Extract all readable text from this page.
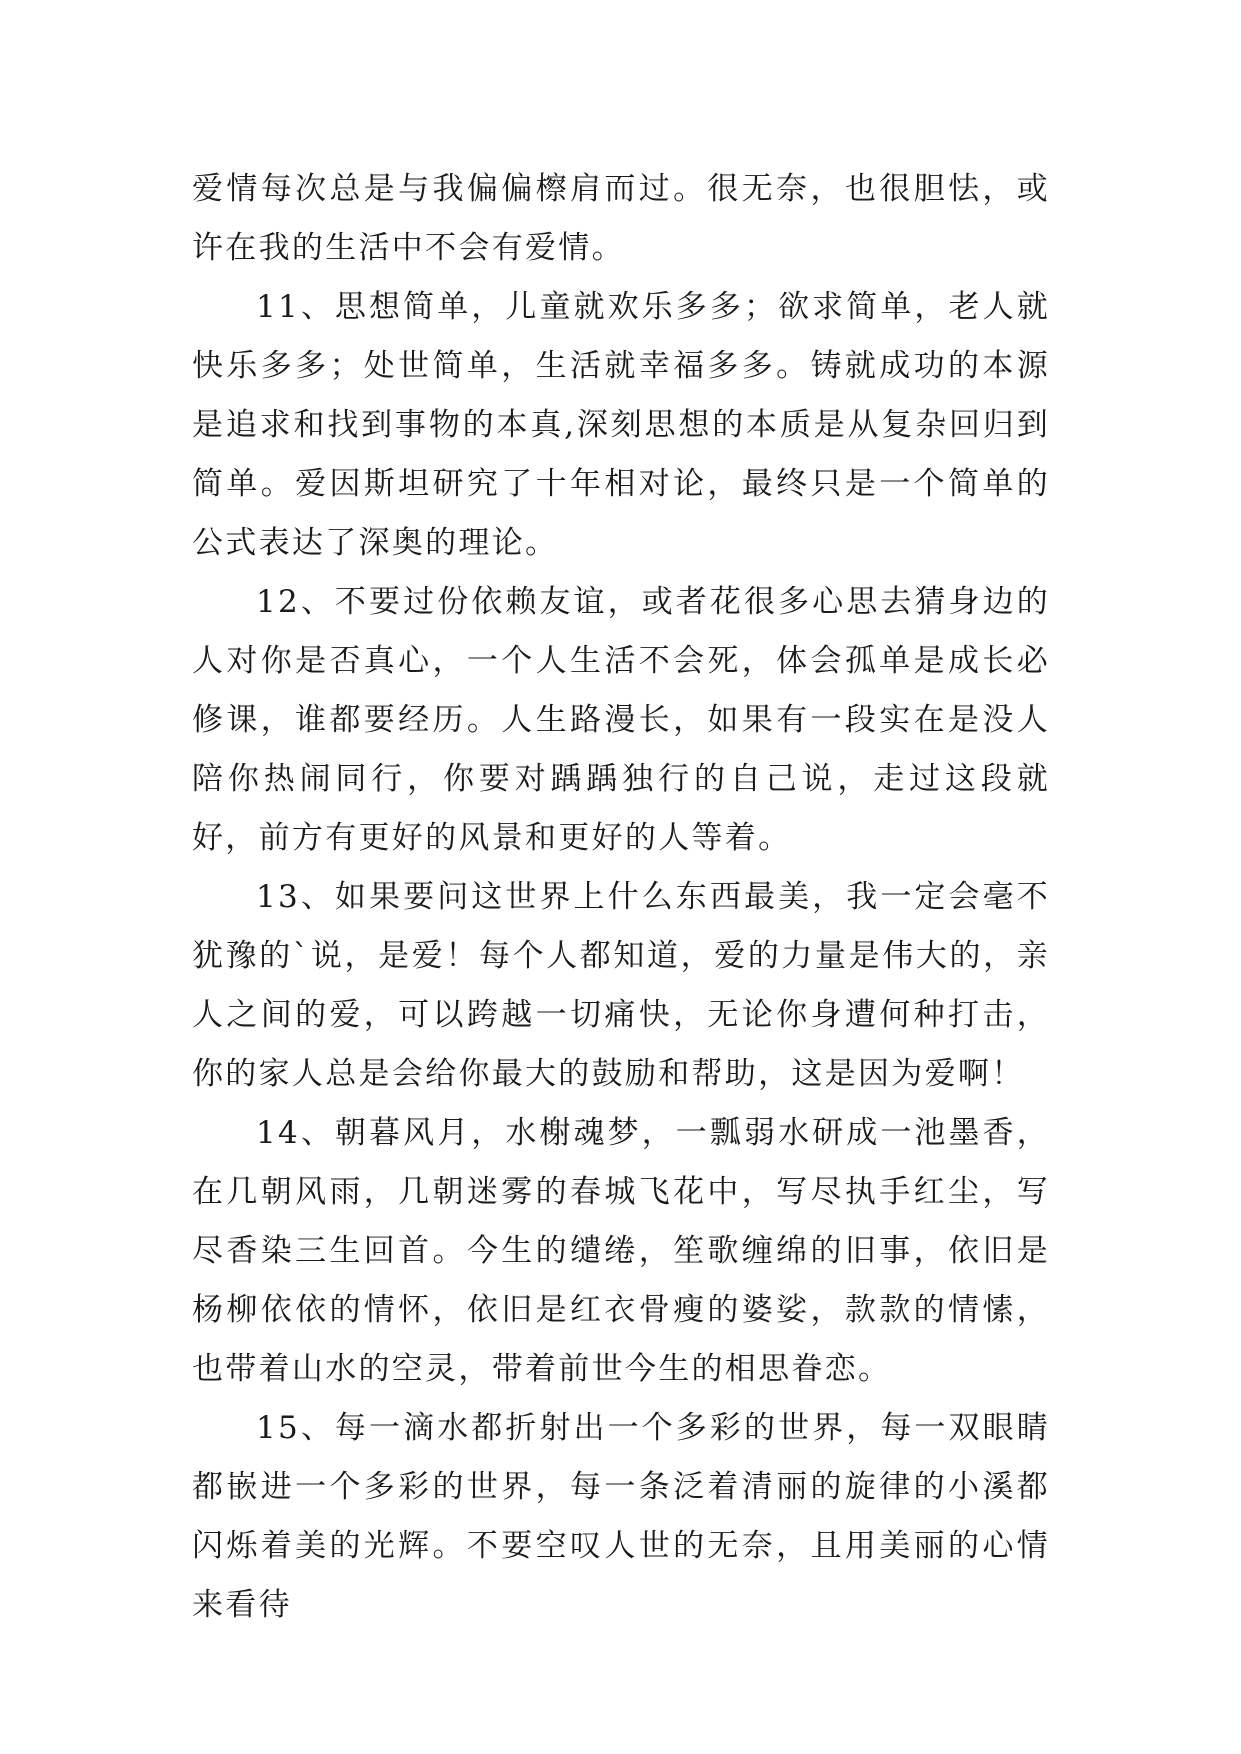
爱情每次总是与我偏偏檫肩而过。很无奈，也很胆怯，或许在我的生活中不会有爱情。

11、思想简单，儿童就欢乐多多；欲求简单，老人就快乐多多；处世简单，生活就幸福多多。铸就成功的本源是追求和找到事物的本真,深刻思想的本质是从复杂回归到简单。爱因斯坦研究了十年相对论，最终只是一个简单的公式表达了深奥的理论。

12、不要过份依赖友谊，或者花很多心思去猜身边的人对你是否真心，一个人生活不会死，体会孤单是成长必修课，谁都要经历。人生路漫长，如果有一段实在是没人陪你热闹同行，你要对踽踽独行的自己说，走过这段就好，前方有更好的风景和更好的人等着。

13、如果要问这世界上什么东西最美，我一定会毫不犹豫的`说，是爱！每个人都知道，爱的力量是伟大的，亲人之间的爱，可以跨越一切痛快，无论你身遭何种打击，你的家人总是会给你最大的鼓励和帮助，这是因为爱啊！

14、朝暮风月，水榭魂梦，一瓢弱水研成一池墨香，在几朝风雨，几朝迷雾的春城飞花中，写尽执手红尘，写尽香染三生回首。今生的缱绻，笙歌缠绵的旧事，依旧是杨柳依依的情怀，依旧是红衣骨瘦的婆娑，款款的情愫，也带着山水的空灵，带着前世今生的相思眷恋。

15、每一滴水都折射出一个多彩的世界，每一双眼睛都嵌进一个多彩的世界，每一条泛着清丽的旋律的小溪都闪烁着美的光辉。不要空叹人世的无奈，且用美丽的心情来看待
